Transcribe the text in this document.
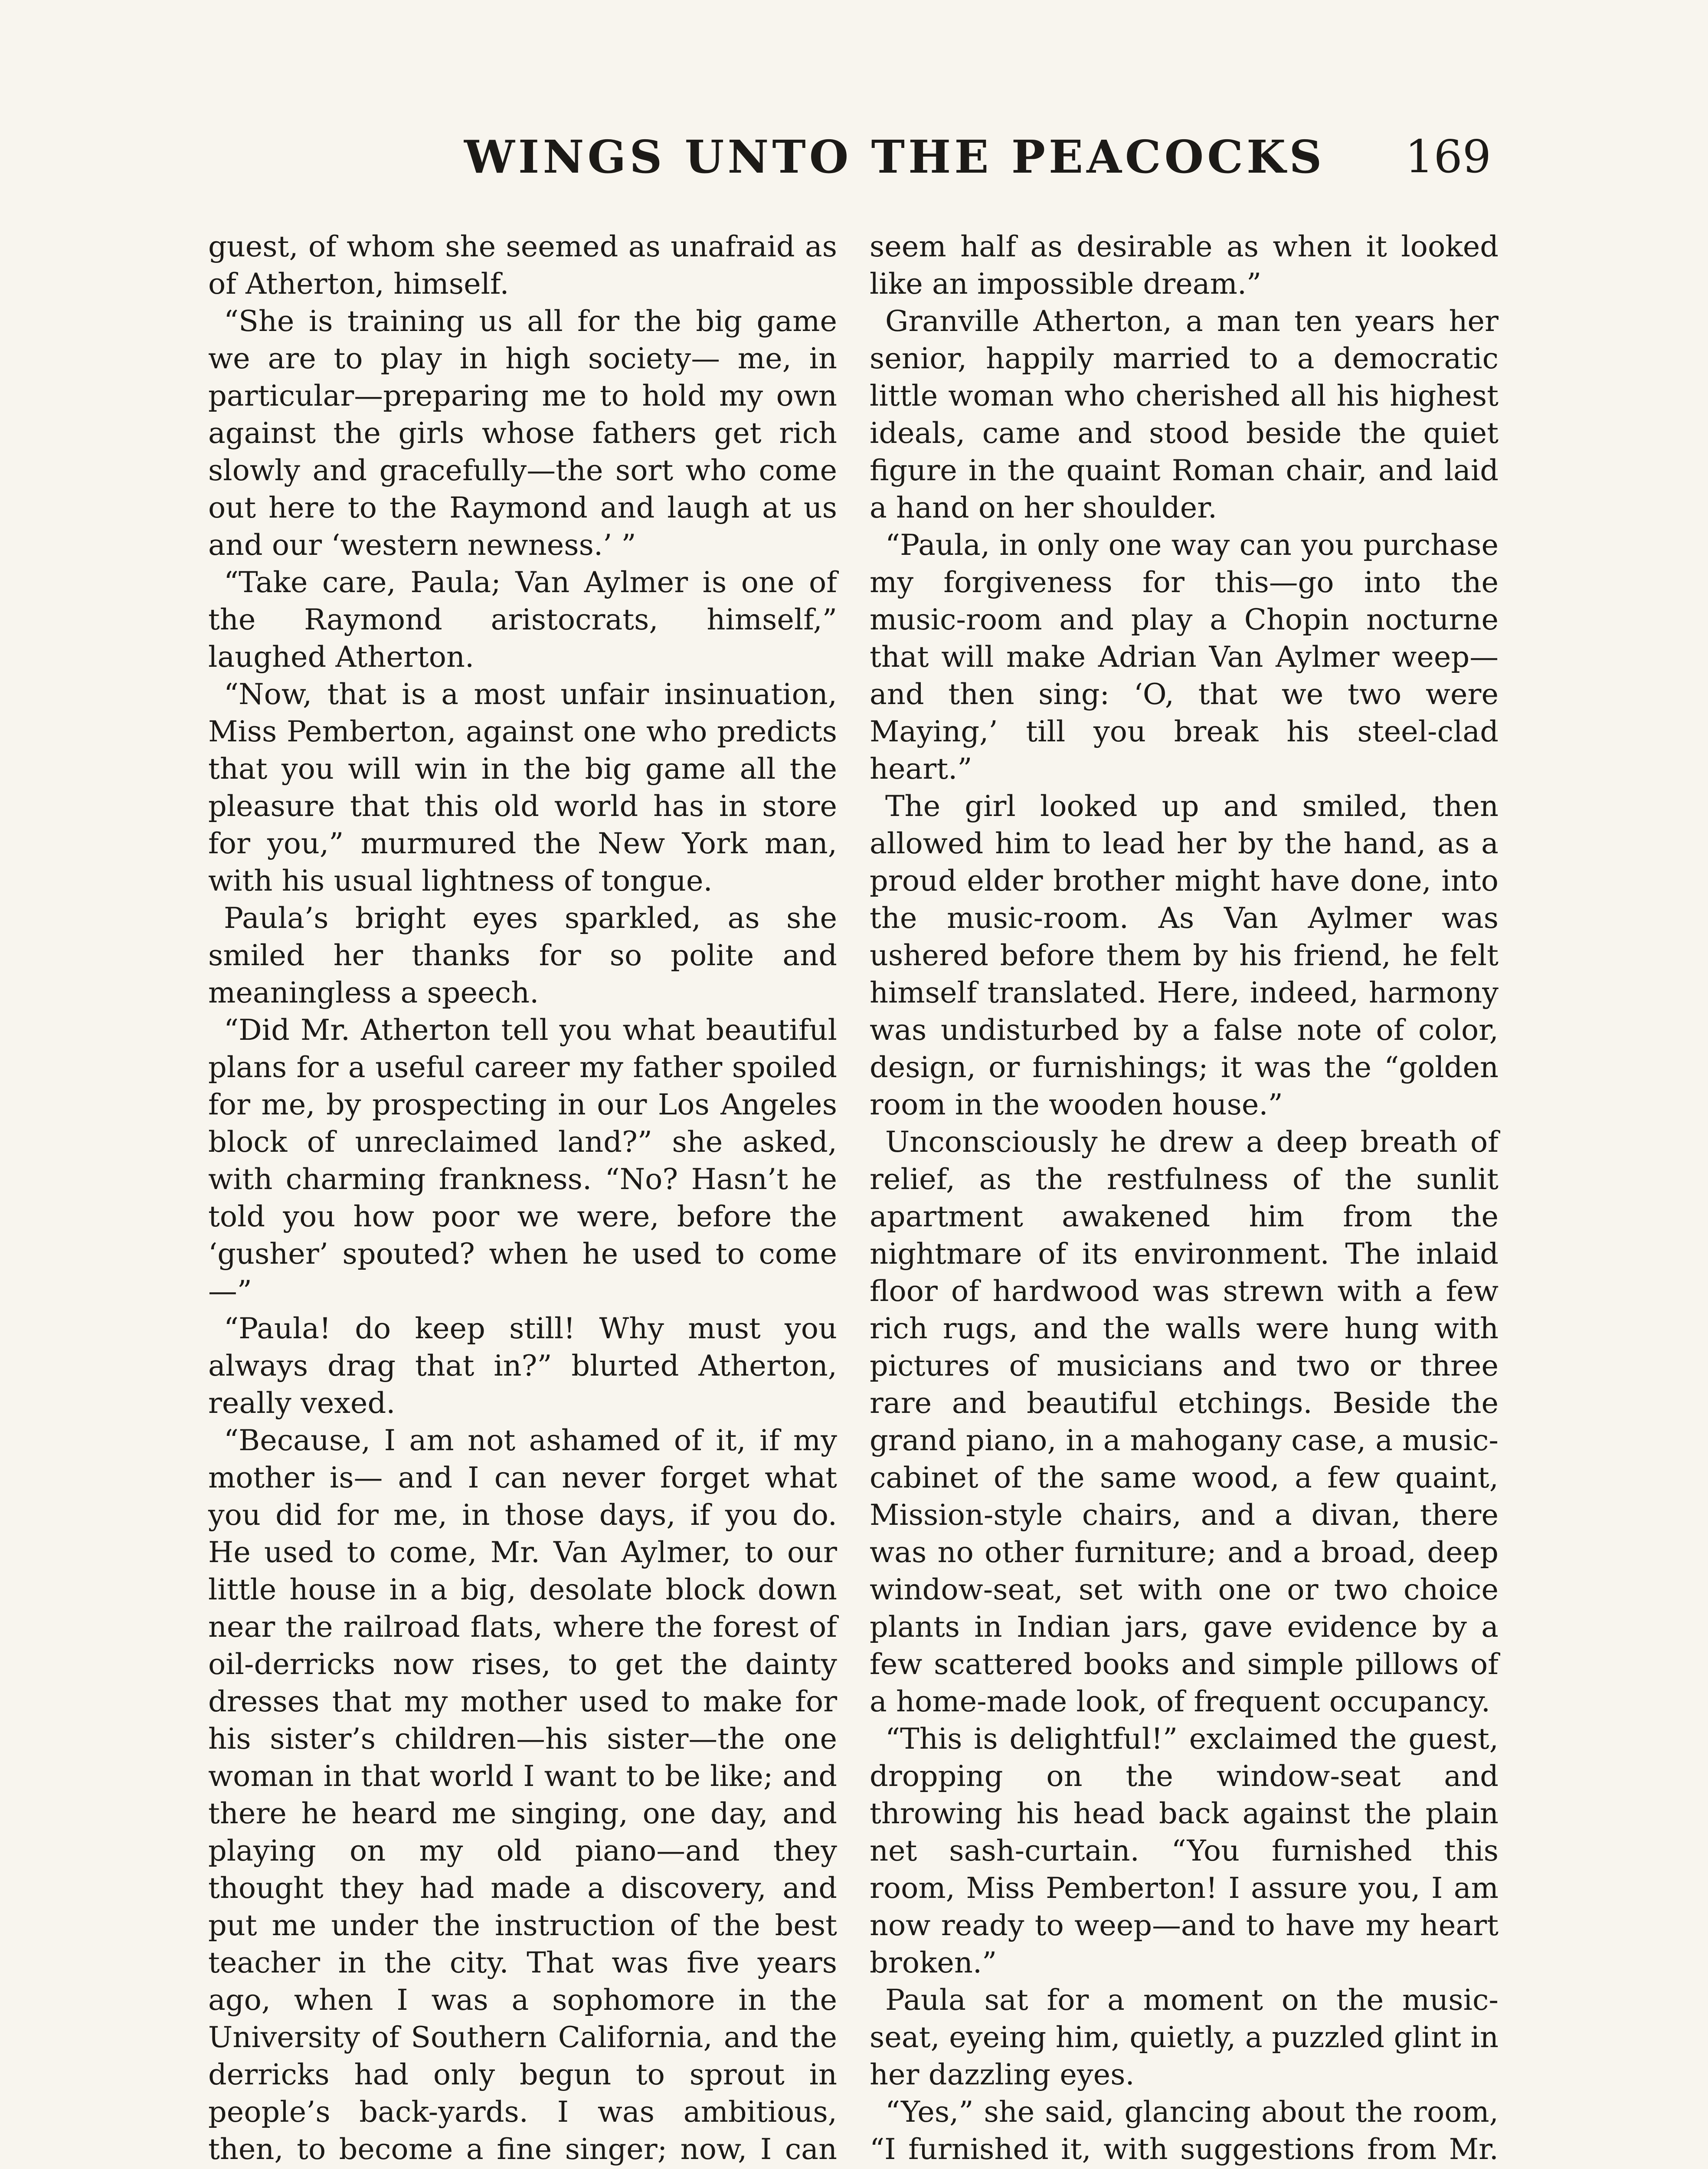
WINGS UNTO THE PEACOCKS 169

guest, of whom she seemed as unafraid as of Atherton, himself.

“She is training us all for the big game we are to play in high society— me, in particular—preparing me to hold my own against the girls whose fathers get rich slowly and gracefully—the sort who come out here to the Raymond and laugh at us and our ‘western newness.’ ”

“Take care, Paula; Van Aylmer is one of the Raymond aristocrats, himself,” laughed Atherton.

“Now, that is a most unfair insinuation, Miss Pemberton, against one who predicts that you will win in the big game all the pleasure that this old world has in store for you,” murmured the New York man, with his usual lightness of tongue.

Paula’s bright eyes sparkled, as she smiled her thanks for so polite and meaningless a speech.

“Did Mr. Atherton tell you what beautiful plans for a useful career my father spoiled for me, by prospecting in our Los Angeles block of unreclaimed land?” she asked, with charming frankness. “No? Hasn’t he told you how poor we were, before the ‘gusher’ spouted? when he used to come—”

“Paula! do keep still! Why must you always drag that in?” blurted Atherton, really vexed.

“Because, I am not ashamed of it, if my mother is— and I can never forget what you did for me, in those days, if you do. He used to come, Mr. Van Aylmer, to our little house in a big, desolate block down near the railroad flats, where the forest of oil-derricks now rises, to get the dainty dresses that my mother used to make for his sister’s children—his sister—the one woman in that world I want to be like; and there he heard me singing, one day, and playing on my old piano—and they thought they had made a discovery, and put me under the instruction of the best teacher in the city. That was five years ago, when I was a sophomore in the University of Southern California, and the derricks had only begun to sprout in people’s back-yards. I was ambitious, then, to become a fine singer; now, I can

seem half as desirable as when it looked like an impossible dream.”

Granville Atherton, a man ten years her senior, happily married to a democratic little woman who cherished all his highest ideals, came and stood beside the quiet figure in the quaint Roman chair, and laid a hand on her shoulder.

“Paula, in only one way can you purchase my forgiveness for this—go into the music-room and play a Chopin nocturne that will make Adrian Van Aylmer weep—and then sing: ‘O, that we two were Maying,’ till you break his steel-clad heart.”

The girl looked up and smiled, then allowed him to lead her by the hand, as a proud elder brother might have done, into the music-room. As Van Aylmer was ushered before them by his friend, he felt himself translated. Here, indeed, harmony was undisturbed by a false note of color, design, or furnishings; it was the “golden room in the wooden house.”

Unconsciously he drew a deep breath of relief, as the restfulness of the sunlit apartment awakened him from the nightmare of its environment. The inlaid floor of hardwood was strewn with a few rich rugs, and the walls were hung with pictures of musicians and two or three rare and beautiful etchings. Beside the grand piano, in a mahogany case, a music-cabinet of the same wood, a few quaint, Mission-style chairs, and a divan, there was no other furniture; and a broad, deep window-seat, set with one or two choice plants in Indian jars, gave evidence by a few scattered books and simple pillows of a home-made look, of frequent occupancy.

“This is delightful!” exclaimed the guest, dropping on the window-seat and throwing his head back against the plain net sash-curtain. “You furnished this room, Miss Pemberton! I assure you, I am now ready to weep—and to have my heart broken.”

Paula sat for a moment on the music-seat, eyeing him, quietly, a puzzled glint in her dazzling eyes.

“Yes,” she said, glancing about the room, “I furnished it, with suggestions from Mr.
